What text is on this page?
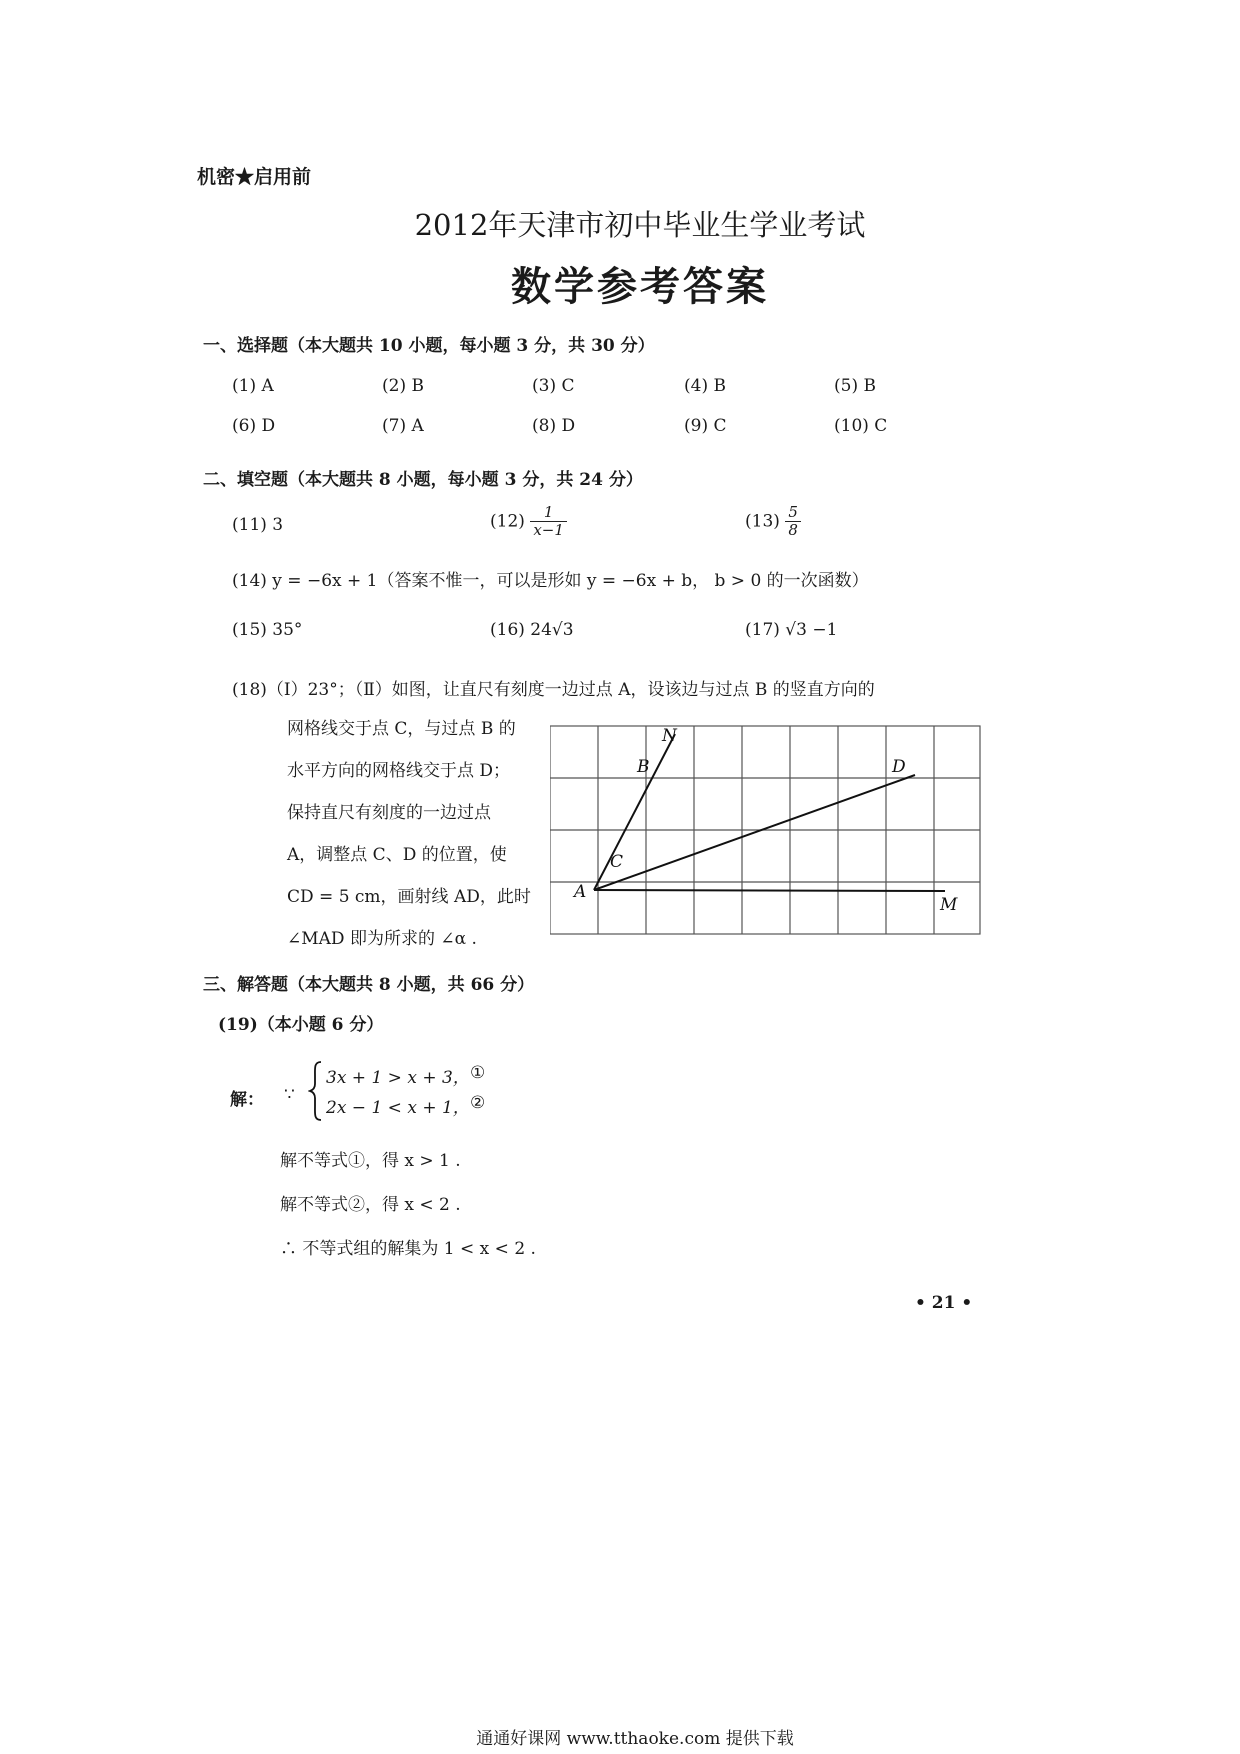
机密★启用前
2012年天津市初中毕业生学业考试
数学参考答案
一、选择题（本大题共 10 小题，每小题 3 分，共 30 分）
(1) A	(2) B	(3) C	(4) B	(5) B
(6) D	(7) A	(8) D	(9) C	(10) C
二、填空题（本大题共 8 小题，每小题 3 分，共 24 分）
(11) 3	$(12) \frac{1}{x-1}$	$(13) \frac{5}{8}$
(14) y = −6x + 1（答案不惟一，可以是形如 y = −6x + b， b > 0 的一次函数）
(15) 35°	(16) 24√3	(17) √3 −1
(18)（Ⅰ）23°；（Ⅱ）如图，让直尺有刻度一边过点 A，设该边与过点 B 的竖直方向的
网格线交于点 C，与过点 B 的
水平方向的网格线交于点 D；
保持直尺有刻度的一边过点
A，调整点 C、D 的位置，使
CD = 5 cm，画射线 AD，此时
∠MAD 即为所求的 ∠α .
N
B	D
C
A
M
三、解答题（本大题共 8 小题，共 66 分）
(19)（本小题 6 分）
解： ∵
3x + 1 > x + 3， ①
2x − 1 < x + 1， ②
解不等式①，得 x > 1 .
解不等式②，得 x < 2 .
∴ 不等式组的解集为 1 < x < 2 .
• 21 •
通通好课网 www.tthaoke.com 提供下载
